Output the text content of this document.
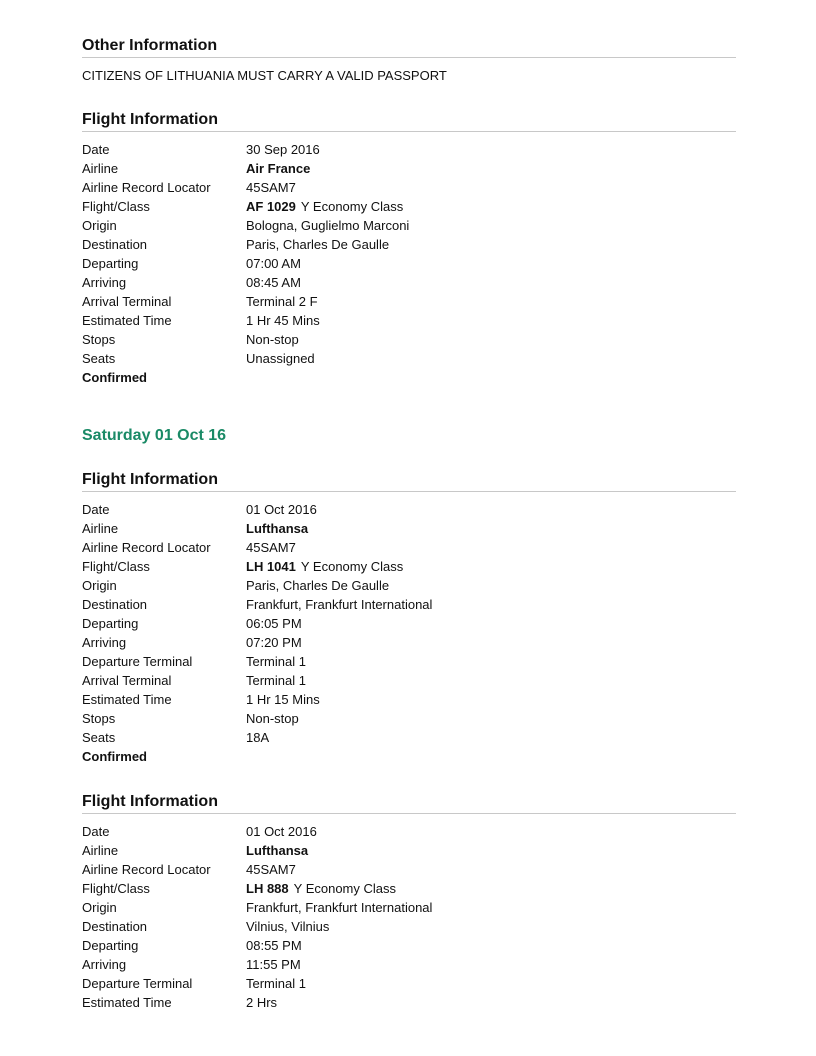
Other Information
CITIZENS OF LITHUANIA MUST CARRY A VALID PASSPORT
Flight Information
Date	30 Sep 2016
Airline	Air France
Airline Record Locator	45SAM7
Flight/Class	AF 1029 Y Economy Class
Origin	Bologna, Guglielmo Marconi
Destination	Paris, Charles De Gaulle
Departing	07:00 AM
Arriving	08:45 AM
Arrival Terminal	Terminal 2 F
Estimated Time	1 Hr 45 Mins
Stops	Non-stop
Seats	Unassigned
Confirmed
Saturday 01 Oct 16
Flight Information
Date	01 Oct 2016
Airline	Lufthansa
Airline Record Locator	45SAM7
Flight/Class	LH 1041 Y Economy Class
Origin	Paris, Charles De Gaulle
Destination	Frankfurt, Frankfurt International
Departing	06:05 PM
Arriving	07:20 PM
Departure Terminal	Terminal 1
Arrival Terminal	Terminal 1
Estimated Time	1 Hr 15 Mins
Stops	Non-stop
Seats	18A
Confirmed
Flight Information
Date	01 Oct 2016
Airline	Lufthansa
Airline Record Locator	45SAM7
Flight/Class	LH 888 Y Economy Class
Origin	Frankfurt, Frankfurt International
Destination	Vilnius, Vilnius
Departing	08:55 PM
Arriving	11:55 PM
Departure Terminal	Terminal 1
Estimated Time	2 Hrs
